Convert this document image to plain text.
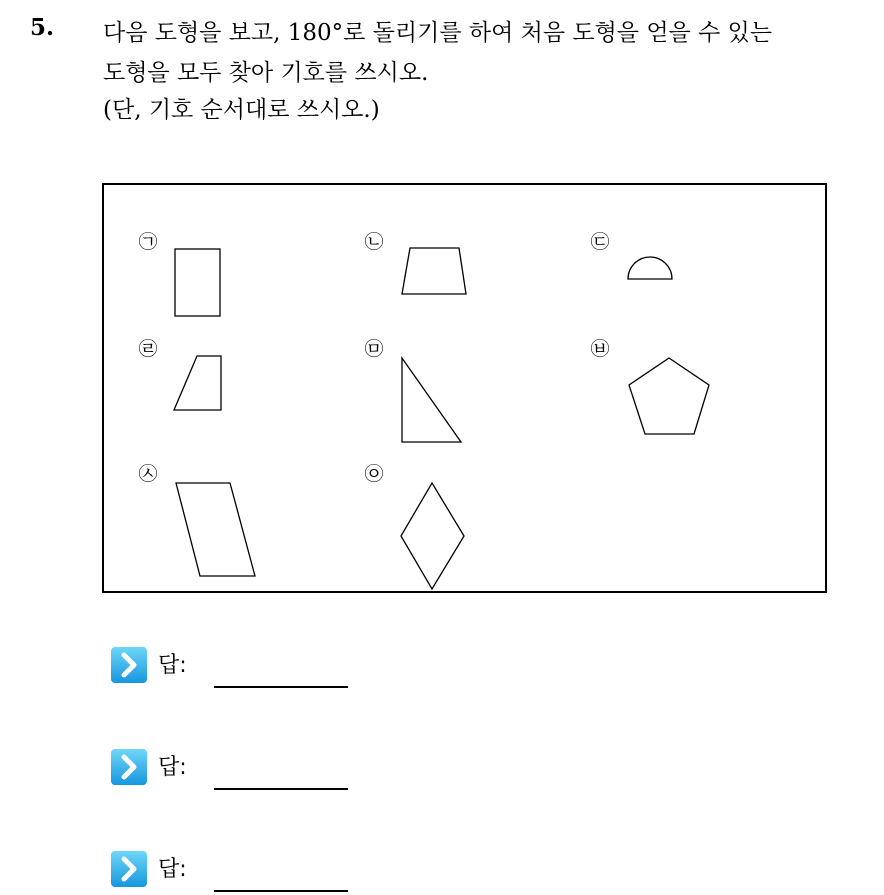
5. 다음 도형을 보고, 180°로 돌리기를 하여 처음 도형을 얻을 수 있는
도형을 모두 찾아 기호를 쓰시오.
(단, 기호 순서대로 쓰시오.)
㉠	㉡	㉢
㉣	㉤	㉥
㉦	㉧
답:
답:
답:
